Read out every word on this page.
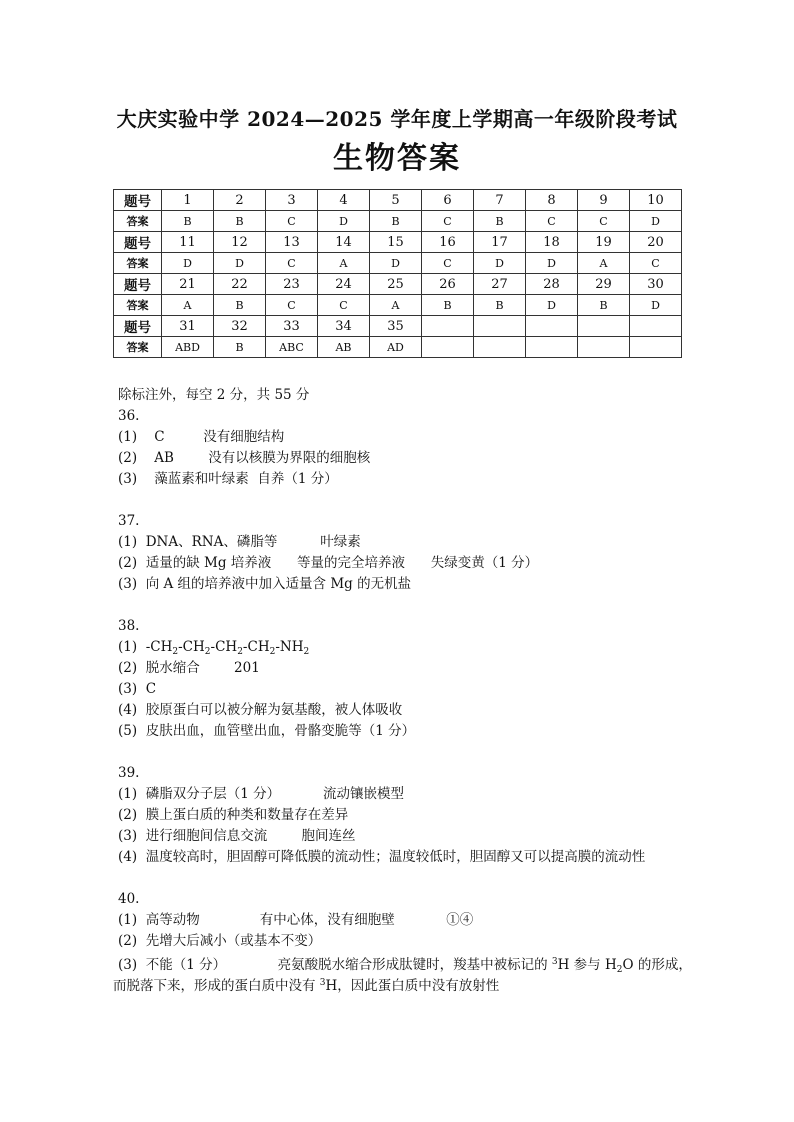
大庆实验中学 2024—2025 学年度上学期高一年级阶段考试
生物答案
题号	1	2	3	4	5	6	7	8	9	10
答案	B	B	C	D	B	C	B	C	C	D
题号	11	12	13	14	15	16	17	18	19	20
答案	D	D	C	A	D	C	D	D	A	C
题号	21	22	23	24	25	26	27	28	29	30
答案	A	B	C	C	A	B	B	D	B	D
题号	31	32	33	34	35					
答案	ABD	B	ABC	AB	AD					
除标注外，每空 2 分，共 55 分
36.
(1)    C         没有细胞结构
(2)    AB        没有以核膜为界限的细胞核
(3)    藻蓝素和叶绿素  自养（1 分）
37.
(1)  DNA、RNA、磷脂等          叶绿素
(2)  适量的缺 Mg 培养液      等量的完全培养液      失绿变黄（1 分）
(3)  向 A 组的培养液中加入适量含 Mg 的无机盐
38.
(1)  $-CH_2-CH_2-CH_2-CH_2-NH_2$
(2)  脱水缩合        201
(3)  C
(4)  胶原蛋白可以被分解为氨基酸，被人体吸收
(5)  皮肤出血，血管壁出血，骨骼变脆等（1 分）
39.
(1)  磷脂双分子层（1 分）          流动镶嵌模型
(2)  膜上蛋白质的种类和数量存在差异
(3)  进行细胞间信息交流        胞间连丝
(4)  温度较高时，胆固醇可降低膜的流动性；温度较低时，胆固醇又可以提高膜的流动性
40.
(1)  高等动物              有中心体，没有细胞壁            ①④
(2)  先增大后减小（或基本不变）
(3)  不能（1 分）            亮氨酸脱水缩合形成肽键时，羧基中被标记的 $^3$H 参与 $H_2O$ 的形成，
而脱落下来，形成的蛋白质中没有 $^3$H，因此蛋白质中没有放射性
